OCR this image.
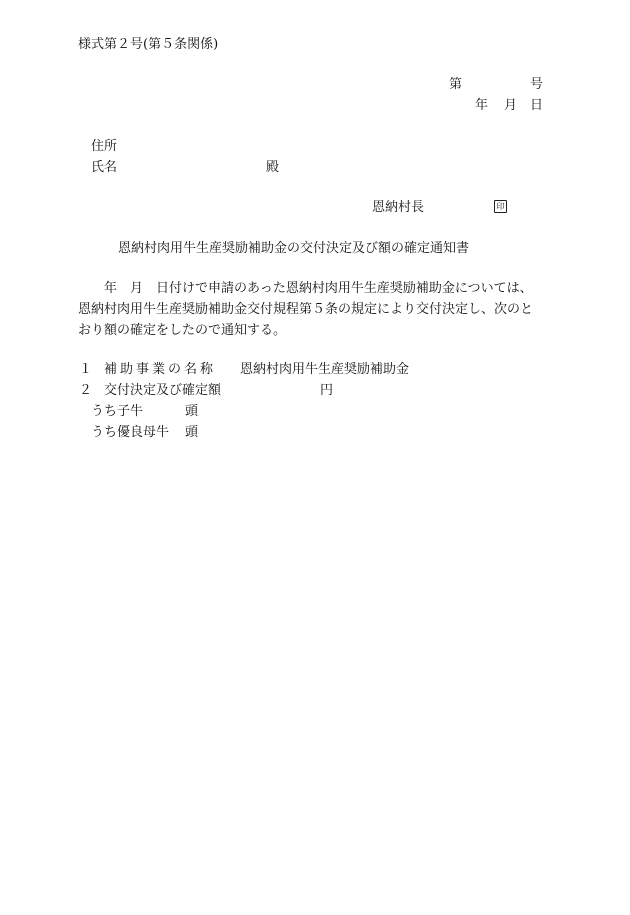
様式第２号(第５条関係)
第	号
年 月 日
住所
氏名	殿
恩納村長	印
恩納村肉用牛生産奨励補助金の交付決定及び額の確定通知書
年　月　日付けで申請のあった恩納村肉用牛生産奨励補助金については、
恩納村肉用牛生産奨励補助金交付規程第５条の規定により交付決定し、次のと
おり額の確定をしたので通知する。
１ 補助事業の名称 恩納村肉用牛生産奨励補助金
２ 交付決定及び確定額	円
うち子牛	頭
うち優良母牛 頭
